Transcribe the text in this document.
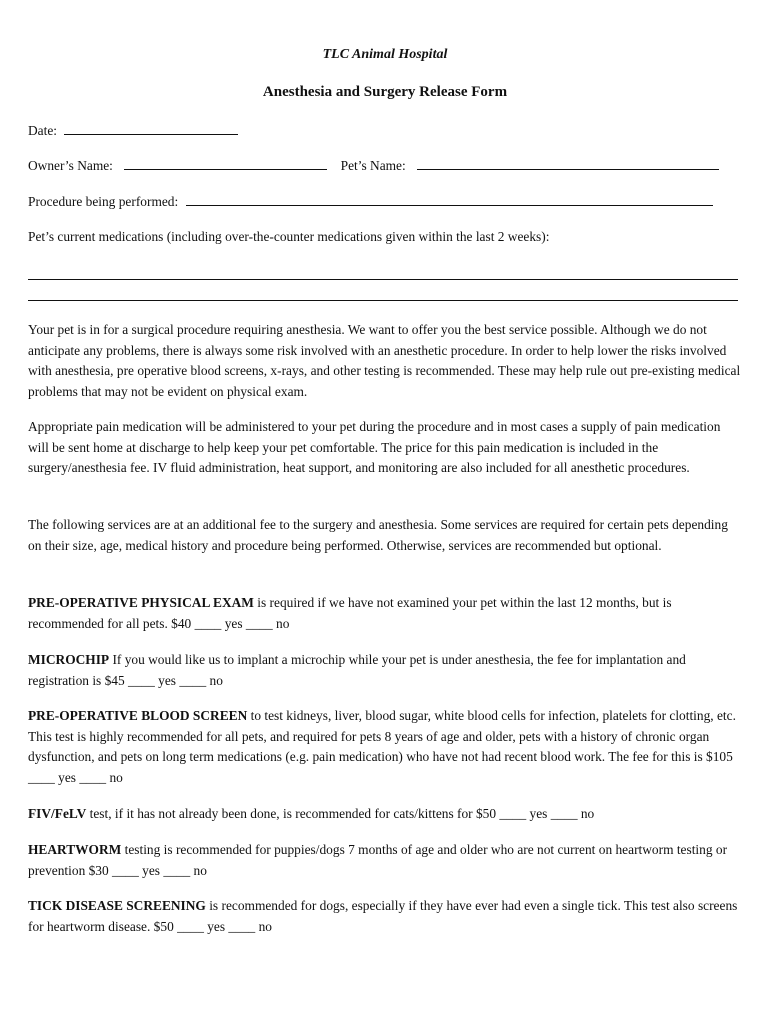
TLC Animal Hospital
Anesthesia and Surgery Release Form
Date:
Owner’s Name:	Pet’s Name:
Procedure being performed:
Pet’s current medications (including over-the-counter medications given within the last 2 weeks):

Your pet is in for a surgical procedure requiring anesthesia. We want to offer you the best service possible. Although we do not anticipate any problems, there is always some risk involved with an anesthetic procedure. In order to help lower the risks involved with anesthesia, pre operative blood screens, x-rays, and other testing is recommended. These may help rule out pre-existing medical problems that may not be evident on physical exam.

Appropriate pain medication will be administered to your pet during the procedure and in most cases a supply of pain medication will be sent home at discharge to help keep your pet comfortable. The price for this pain medication is included in the surgery/anesthesia fee. IV fluid administration, heat support, and monitoring are also included for all anesthetic procedures.

The following services are at an additional fee to the surgery and anesthesia. Some services are required for certain pets depending on their size, age, medical history and procedure being performed. Otherwise, services are recommended but optional.

PRE-OPERATIVE PHYSICAL EXAM is required if we have not examined your pet within the last 12 months, but is recommended for all pets. $40 ____ yes ____ no

MICROCHIP If you would like us to implant a microchip while your pet is under anesthesia, the fee for implantation and registration is $45 ____ yes ____ no

PRE-OPERATIVE BLOOD SCREEN to test kidneys, liver, blood sugar, white blood cells for infection, platelets for clotting, etc. This test is highly recommended for all pets, and required for pets 8 years of age and older, pets with a history of chronic organ dysfunction, and pets on long term medications (e.g. pain medication) who have not had recent blood work. The fee for this is $105 ____ yes ____ no

FIV/FeLV test, if it has not already been done, is recommended for cats/kittens for $50 ____ yes ____ no

HEARTWORM testing is recommended for puppies/dogs 7 months of age and older who are not current on heartworm testing or prevention $30 ____ yes ____ no

TICK DISEASE SCREENING is recommended for dogs, especially if they have ever had even a single tick. This test also screens for heartworm disease. $50 ____ yes ____ no
